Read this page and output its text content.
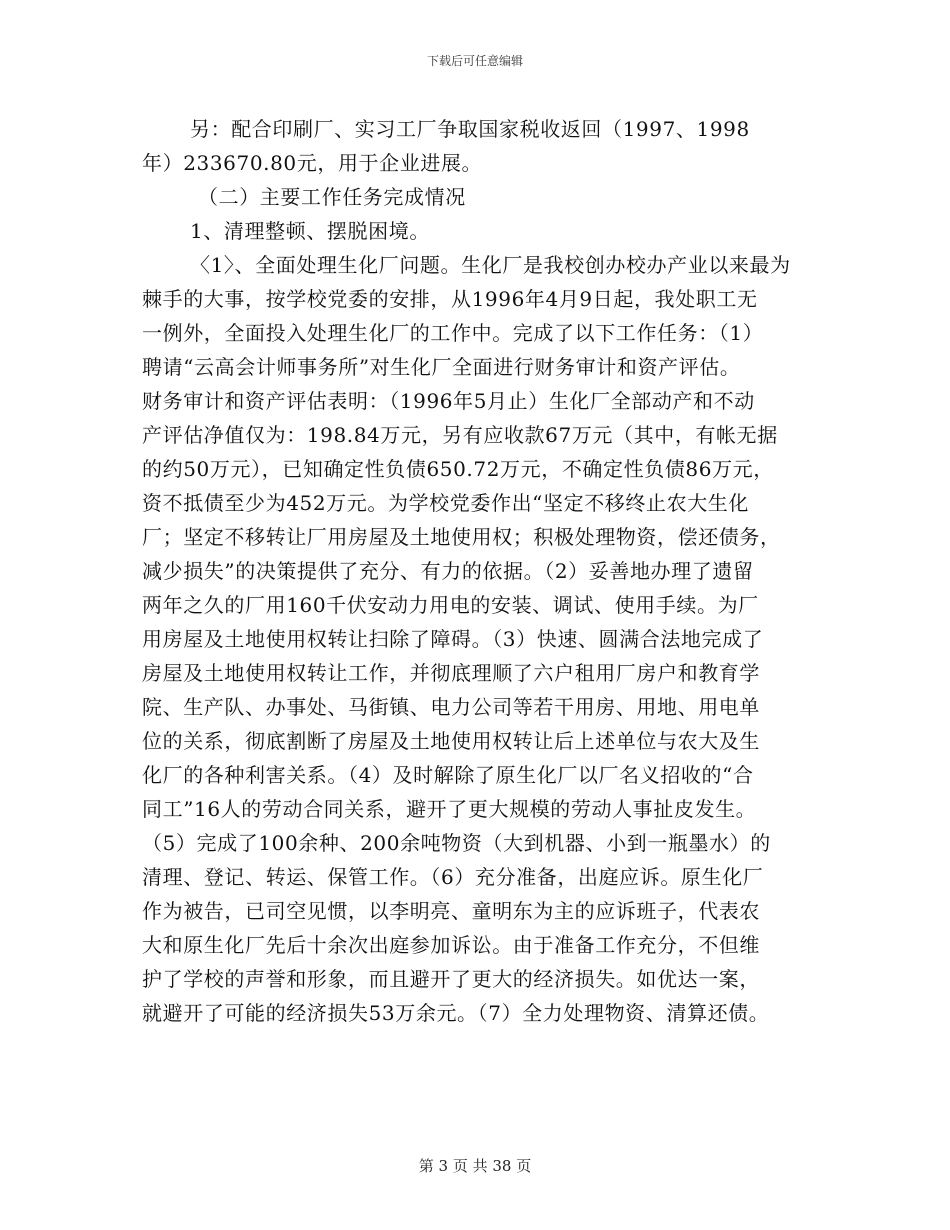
下载后可任意编辑
另：配合印刷厂、实习工厂争取国家税收返回（1997、1998
年）233670.80元，用于企业进展。
（二）主要工作任务完成情况
1、清理整顿、摆脱困境。
〈1〉、全面处理生化厂问题。生化厂是我校创办校办产业以来最为
棘手的大事，按学校党委的安排，从1996年4月9日起，我处职工无
一例外，全面投入处理生化厂的工作中。完成了以下工作任务：（1）
聘请“云高会计师事务所”对生化厂全面进行财务审计和资产评估。
财务审计和资产评估表明：（1996年5月止）生化厂全部动产和不动
产评估净值仅为：198.84万元，另有应收款67万元（其中，有帐无据
的约50万元），已知确定性负债650.72万元，不确定性负债86万元，
资不抵债至少为452万元。为学校党委作出“坚定不移终止农大生化
厂；坚定不移转让厂用房屋及土地使用权；积极处理物资，偿还债务，
减少损失”的决策提供了充分、有力的依据。（2）妥善地办理了遗留
两年之久的厂用160千伏安动力用电的安装、调试、使用手续。为厂
用房屋及土地使用权转让扫除了障碍。（3）快速、圆满合法地完成了
房屋及土地使用权转让工作，并彻底理顺了六户租用厂房户和教育学
院、生产队、办事处、马街镇、电力公司等若干用房、用地、用电单
位的关系，彻底割断了房屋及土地使用权转让后上述单位与农大及生
化厂的各种利害关系。（4）及时解除了原生化厂以厂名义招收的“合
同工”16人的劳动合同关系，避开了更大规模的劳动人事扯皮发生。
（5）完成了100余种、200余吨物资（大到机器、小到一瓶墨水）的
清理、登记、转运、保管工作。（6）充分准备，出庭应诉。原生化厂
作为被告，已司空见惯，以李明亮、童明东为主的应诉班子，代表农
大和原生化厂先后十余次出庭参加诉讼。由于准备工作充分，不但维
护了学校的声誉和形象，而且避开了更大的经济损失。如优达一案，
就避开了可能的经济损失53万余元。（7）全力处理物资、清算还债。
第 3 页 共 38 页
